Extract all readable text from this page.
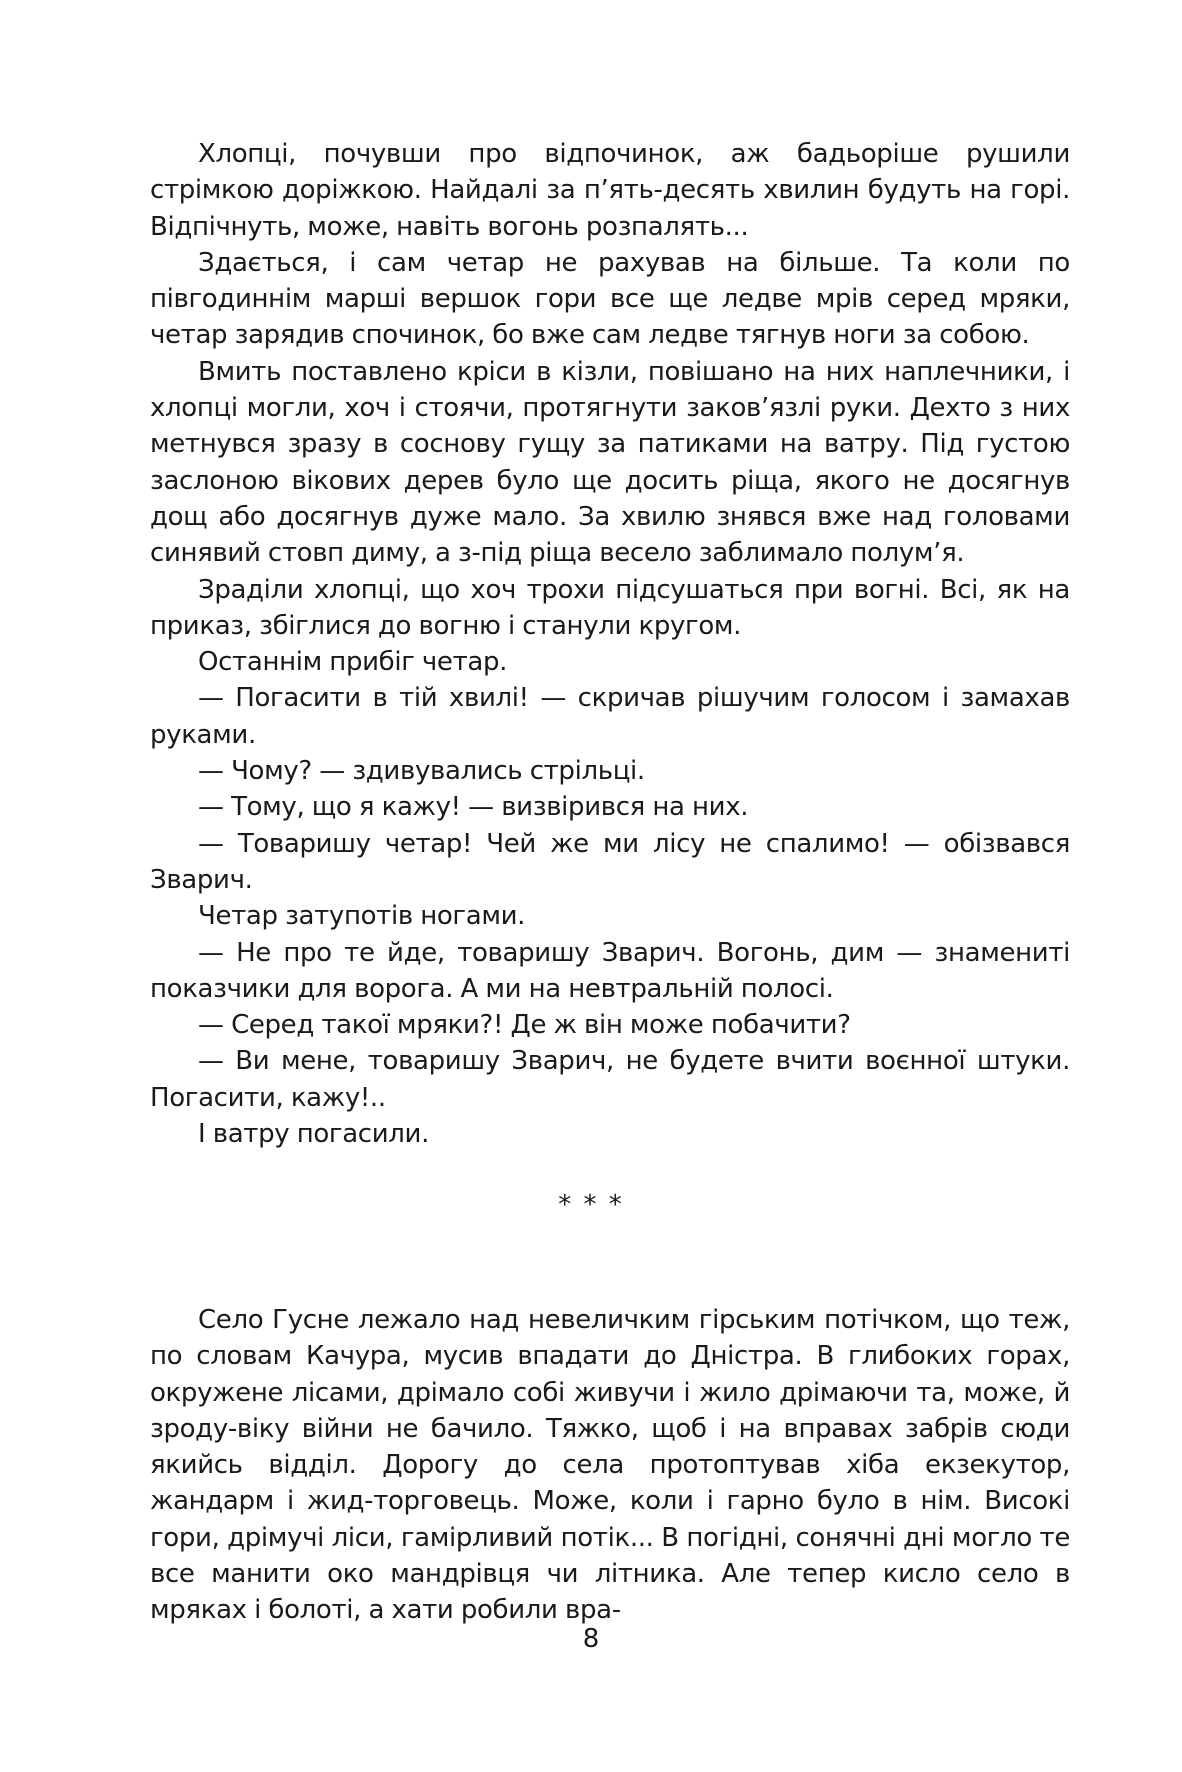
Хлопці, почувши про відпочинок, аж бадьоріше рушили стрімкою доріжкою. Найдалі за п’ять-десять хвилин будуть на горі. Відпічнуть, може, навіть вогонь розпалять...

Здається, і сам четар не рахував на більше. Та коли по півгодиннім марші вершок гори все ще ледве мрів серед мряки, четар зарядив спочинок, бо вже сам ледве тягнув ноги за собою.

Вмить поставлено кріси в кізли, повішано на них наплечники, і хлопці могли, хоч і стоячи, протягнути заков’язлі руки. Дехто з них метнувся зразу в соснову гущу за патиками на ватру. Під густою заслоною вікових дерев було ще досить ріща, якого не досягнув дощ або досягнув дуже мало. За хвилю знявся вже над головами синявий стовп диму, а з-під ріща весело заблимало полум’я.

Зраділи хлопці, що хоч трохи підсушаться при вогні. Всі, як на приказ, збіглися до вогню і станули кругом.

Останнім прибіг четар.

— Погасити в тій хвилі! — скричав рішучим голосом і замахав руками.

— Чому? — здивувались стрільці.

— Тому, що я кажу! — визвірився на них.

— Товаришу четар! Чей же ми лісу не спалимо! — обізвався Зварич.

Четар затупотів ногами.

— Не про те йде, товаришу Зварич. Вогонь, дим — знамениті показчики для ворога. А ми на невтральній полосі.

— Серед такої мряки?! Де ж він може побачити?

— Ви мене, товаришу Зварич, не будете вчити воєнної штуки. Погасити, кажу!..

І ватру погасили.

* * *

Село Гусне лежало над невеличким гірським потічком, що теж, по словам Качура, мусив впадати до Дністра. В глибоких горах, окружене лісами, дрімало собі живучи і жило дрімаючи та, може, й зроду-віку війни не бачило. Тяжко, щоб і на вправах забрів сюди якийсь відділ. Дорогу до села протоптував хіба екзекутор, жандарм і жид-торговець. Може, коли і гарно було в нім. Високі гори, дрімучі ліси, гамірливий потік... В погідні, сонячні дні могло те все манити око мандрівця чи літника. Але тепер кисло село в мряках і болоті, а хати робили вра-

8
